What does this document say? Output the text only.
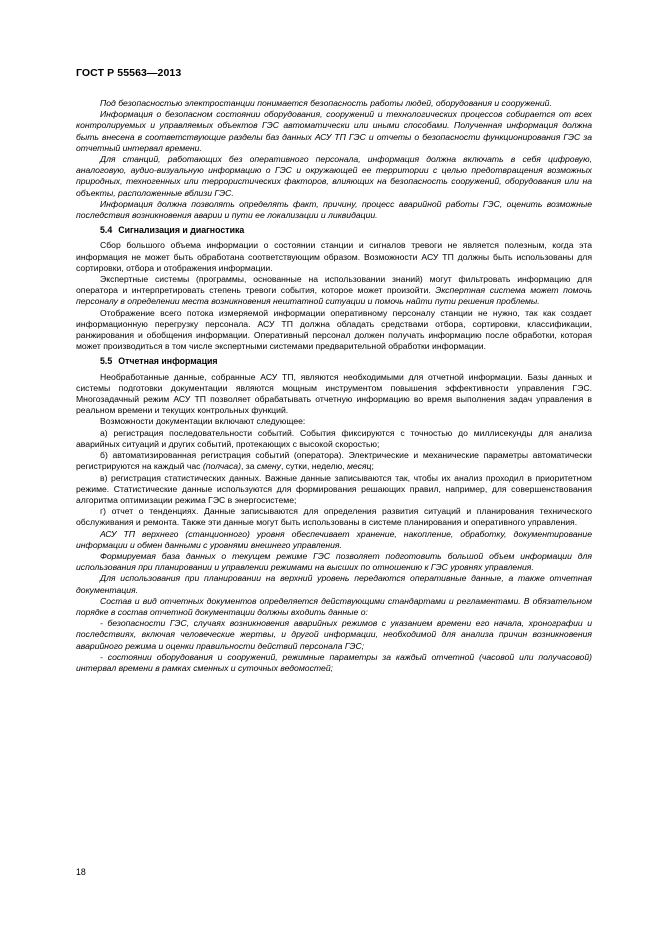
ГОСТ Р 55563—2013

Под безопасностью электростанции понимается безопасность работы людей, оборудования и сооружений.

Информация о безопасном состоянии оборудования, сооружений и технологических процессов собирается от всех контролируемых и управляемых объектов ГЭС автоматически или иными способами. Полученная информация должна быть внесена в соответствующие разделы баз данных АСУ ТП ГЭС и отчеты о безопасности функционирования ГЭС за отчетный интервал времени.

Для станций, работающих без оперативного персонала, информация должна включать в себя цифровую, аналоговую, аудио-визуальную информацию о ГЭС и окружающей ее территории с целью предотвращения возможных природных, техногенных или террористических факторов, влияющих на безопасность сооружений, оборудования или на объекты, расположенные вблизи ГЭС.

Информация должна позволять определять факт, причину, процесс аварийной работы ГЭС, оценить возможные последствия возникновения аварии и пути ее локализации и ликвидации.

5.4 Сигнализация и диагностика

Сбор большого объема информации о состоянии станции и сигналов тревоги не является полезным, когда эта информация не может быть обработана соответствующим образом. Возможности АСУ ТП должны быть использованы для сортировки, отбора и отображения информации.

Экспертные системы (программы, основанные на использовании знаний) могут фильтровать информацию для оператора и интерпретировать степень тревоги события, которое может произойти. Экспертная система может помочь персоналу в определении места возникновения нештатной ситуации и помочь найти пути решения проблемы.

Отображение всего потока измеряемой информации оперативному персоналу станции не нужно, так как создает информационную перегрузку персонала. АСУ ТП должна обладать средствами отбора, сортировки, классификации, ранжирования и обобщения информации. Оперативный персонал должен получать информацию после обработки, которая может производиться в том числе экспертными системами предварительной обработки информации.

5.5 Отчетная информация

Необработанные данные, собранные АСУ ТП, являются необходимыми для отчетной информации. Базы данных и системы подготовки документации являются мощным инструментом повышения эффективности управления ГЭС. Многозадачный режим АСУ ТП позволяет обрабатывать отчетную информацию во время выполнения задач управления в реальном времени и текущих контрольных функций.

Возможности документации включают следующее:

а) регистрация последовательности событий. События фиксируются с точностью до миллисекунды для анализа аварийных ситуаций и других событий, протекающих с высокой скоростью;

б) автоматизированная регистрация событий (оператора). Электрические и механические параметры автоматически регистрируются на каждый час (полчаса), за смену, сутки, неделю, месяц;

в) регистрация статистических данных. Важные данные записываются так, чтобы их анализ проходил в приоритетном режиме. Статистические данные используются для формирования решающих правил, например, для совершенствования алгоритма оптимизации режима ГЭС в энергосистеме;

г) отчет о тенденциях. Данные записываются для определения развития ситуаций и планирования технического обслуживания и ремонта. Также эти данные могут быть использованы в системе планирования и оперативного управления.

АСУ ТП верхнего (станционного) уровня обеспечивает хранение, накопление, обработку, документирование информации и обмен данными с уровнями внешнего управления.

Формируемая база данных о текущем режиме ГЭС позволяет подготовить большой объем информации для использования при планировании и управлении режимами на высших по отношению к ГЭС уровнях управления.

Для использования при планировании на верхний уровень передаются оперативные данные, а также отчетная документация.

Состав и вид отчетных документов определяется действующими стандартами и регламентами. В обязательном порядке в состав отчетной документации должны входить данные о:

- безопасности ГЭС, случаях возникновения аварийных режимов с указанием времени его начала, хронографии и последствиях, включая человеческие жертвы, и другой информации, необходимой для анализа причин возникновения аварийного режима и оценки правильности действий персонала ГЭС;

- состоянии оборудования и сооружений, режимные параметры за каждый отчетной (часовой или получасовой) интервал времени в рамках сменных и суточных ведомостей;

18
